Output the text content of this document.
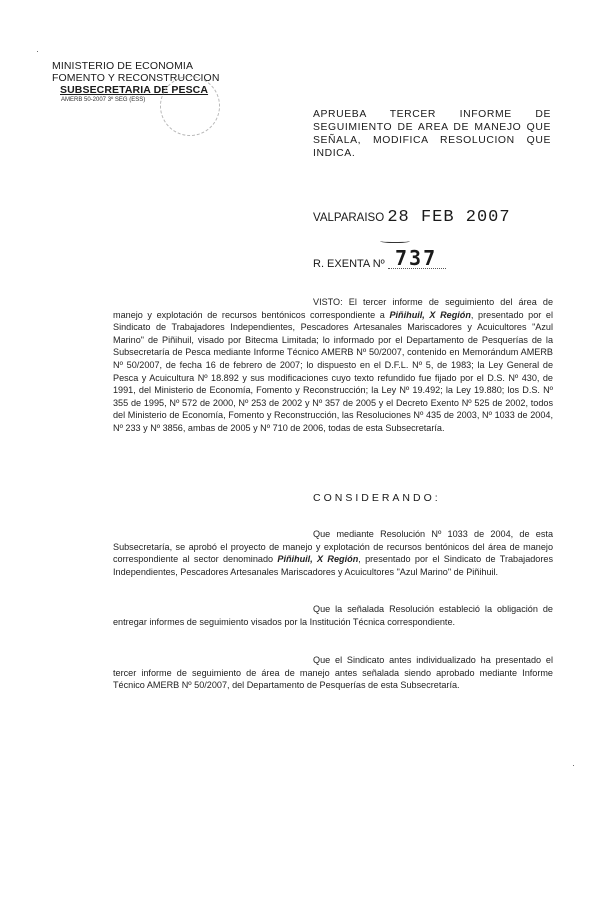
MINISTERIO DE ECONOMIA
FOMENTO Y RECONSTRUCCION
SUBSECRETARIA DE PESCA
AMERB 50-2007 3º SEG (ESS)
·
APRUEBA TERCER INFORME DE SEGUIMIENTO DE AREA DE MANEJO QUE SEÑALA, MODIFICA RESOLUCION QUE INDICA.
VALPARAISO 28 FEB 2007
R. EXENTA Nº 737
VISTO: El tercer informe de seguimiento del área de manejo y explotación de recursos bentónicos correspondiente a Piñihuil, X Región, presentado por el Sindicato de Trabajadores Independientes, Pescadores Artesanales Mariscadores y Acuicultores "Azul Marino" de Piñihuil, visado por Bitecma Limitada; lo informado por el Departamento de Pesquerías de la Subsecretaría de Pesca mediante Informe Técnico AMERB Nº 50/2007, contenido en Memorándum AMERB Nº 50/2007, de fecha 16 de febrero de 2007; lo dispuesto en el D.F.L. Nº 5, de 1983; la Ley General de Pesca y Acuicultura Nº 18.892 y sus modificaciones cuyo texto refundido fue fijado por el D.S. Nº 430, de 1991, del Ministerio de Economía, Fomento y Reconstrucción; la Ley Nº 19.492; la Ley 19.880; los D.S. Nº 355 de 1995, Nº 572 de 2000, Nº 253 de 2002 y Nº 357 de 2005 y el Decreto Exento Nº 525 de 2002, todos del Ministerio de Economía, Fomento y Reconstrucción, las Resoluciones Nº 435 de 2003, Nº 1033 de 2004, Nº 233 y Nº 3856, ambas de 2005 y Nº 710 de 2006, todas de esta Subsecretaría.
CONSIDERANDO:
Que mediante Resolución Nº 1033 de 2004, de esta Subsecretaría, se aprobó el proyecto de manejo y explotación de recursos bentónicos del área de manejo correspondiente al sector denominado Piñihuil, X Región, presentado por el Sindicato de Trabajadores Independientes, Pescadores Artesanales Mariscadores y Acuicultores "Azul Marino" de Piñihuil.
Que la señalada Resolución estableció la obligación de entregar informes de seguimiento visados por la Institución Técnica correspondiente.
Que el Sindicato antes individualizado ha presentado el tercer informe de seguimiento de área de manejo antes señalada siendo aprobado mediante Informe Técnico AMERB Nº 50/2007, del Departamento de Pesquerías de esta Subsecretaría.
·
